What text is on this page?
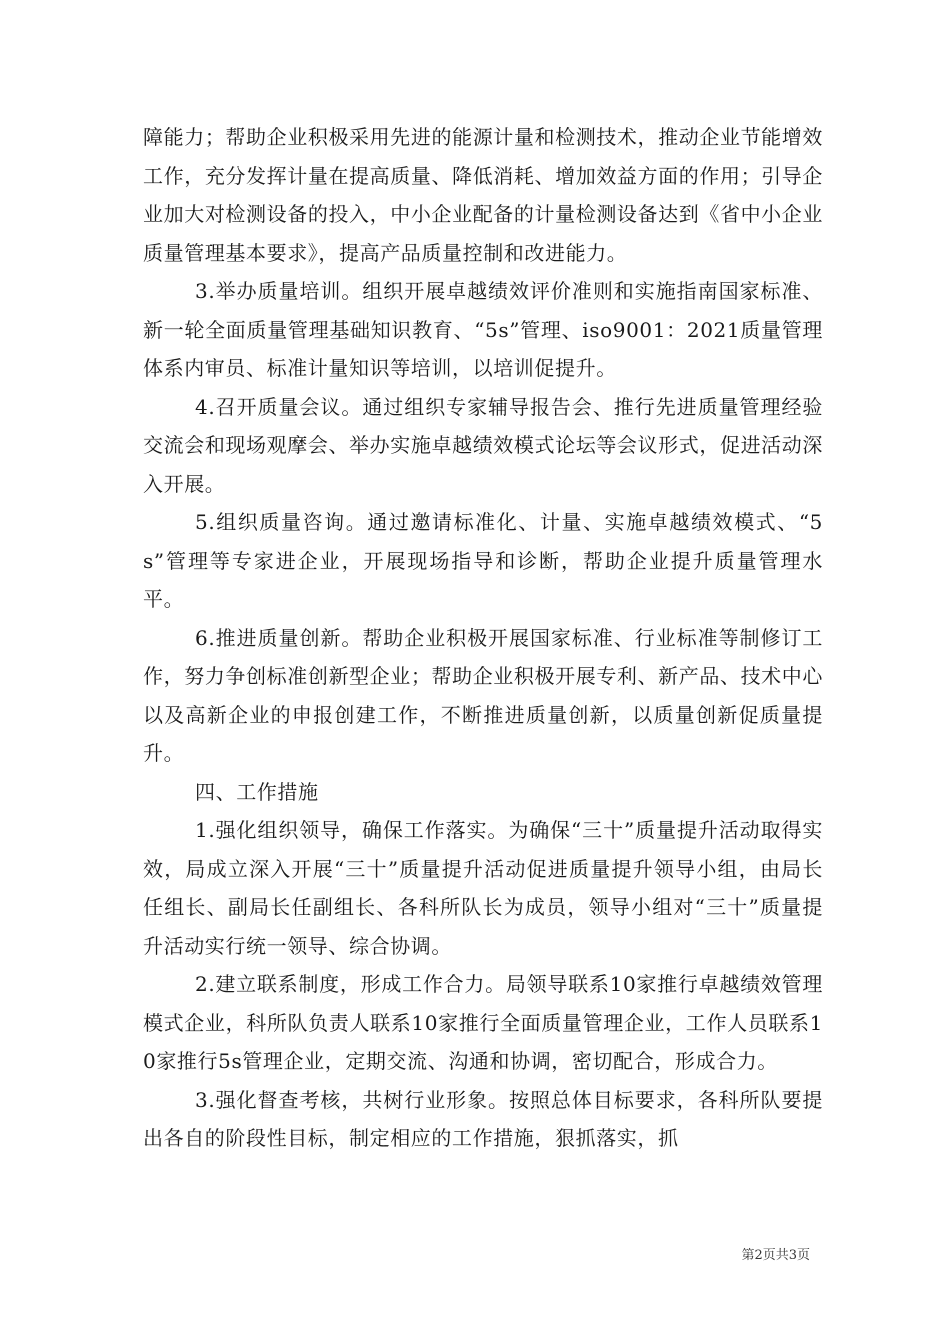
障能力；帮助企业积极采用先进的能源计量和检测技术，推动企业节能增效工作，充分发挥计量在提高质量、降低消耗、增加效益方面的作用；引导企业加大对检测设备的投入，中小企业配备的计量检测设备达到《省中小企业质量管理基本要求》，提高产品质量控制和改进能力。

3.举办质量培训。组织开展卓越绩效评价准则和实施指南国家标准、新一轮全面质量管理基础知识教育、“5s”管理、iso9001：2021质量管理体系内审员、标准计量知识等培训，以培训促提升。

4.召开质量会议。通过组织专家辅导报告会、推行先进质量管理经验交流会和现场观摩会、举办实施卓越绩效模式论坛等会议形式，促进活动深入开展。

5.组织质量咨询。通过邀请标准化、计量、实施卓越绩效模式、“5s”管理等专家进企业，开展现场指导和诊断，帮助企业提升质量管理水平。

6.推进质量创新。帮助企业积极开展国家标准、行业标准等制修订工作，努力争创标准创新型企业；帮助企业积极开展专利、新产品、技术中心以及高新企业的申报创建工作，不断推进质量创新，以质量创新促质量提升。

四、工作措施

1.强化组织领导，确保工作落实。为确保“三十”质量提升活动取得实效，局成立深入开展“三十”质量提升活动促进质量提升领导小组，由局长任组长、副局长任副组长、各科所队长为成员，领导小组对“三十”质量提升活动实行统一领导、综合协调。

2.建立联系制度，形成工作合力。局领导联系10家推行卓越绩效管理模式企业，科所队负责人联系10家推行全面质量管理企业，工作人员联系10家推行5s管理企业，定期交流、沟通和协调，密切配合，形成合力。

3.强化督查考核，共树行业形象。按照总体目标要求，各科所队要提出各自的阶段性目标，制定相应的工作措施，狠抓落实，抓

第2页共3页
